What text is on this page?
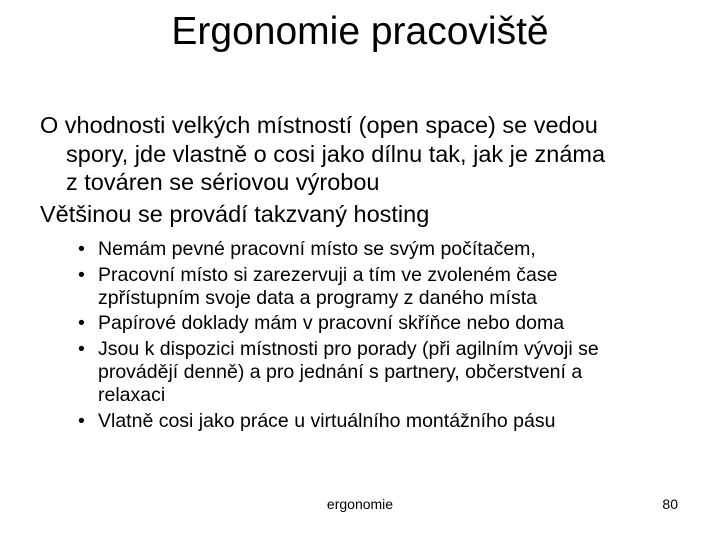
Ergonomie pracoviště
O vhodnosti velkých místností (open space) se vedou
spory, jde vlastně o cosi jako dílnu tak, jak je známa
z továren se sériovou výrobou
Většinou se provádí takzvaný hosting
• Nemám pevné pracovní místo se svým počítačem,
• Pracovní místo si zarezervuji a tím ve zvoleném čase
zpřístupním svoje data a programy z daného místa
• Papírové doklady mám v pracovní skříňce nebo doma
• Jsou k dispozici místnosti pro porady (při agilním vývoji se
provádějí denně) a pro jednání s partnery, občerstvení a
relaxaci
• Vlatně cosi jako práce u virtuálního montážního pásu
ergonomie	80
